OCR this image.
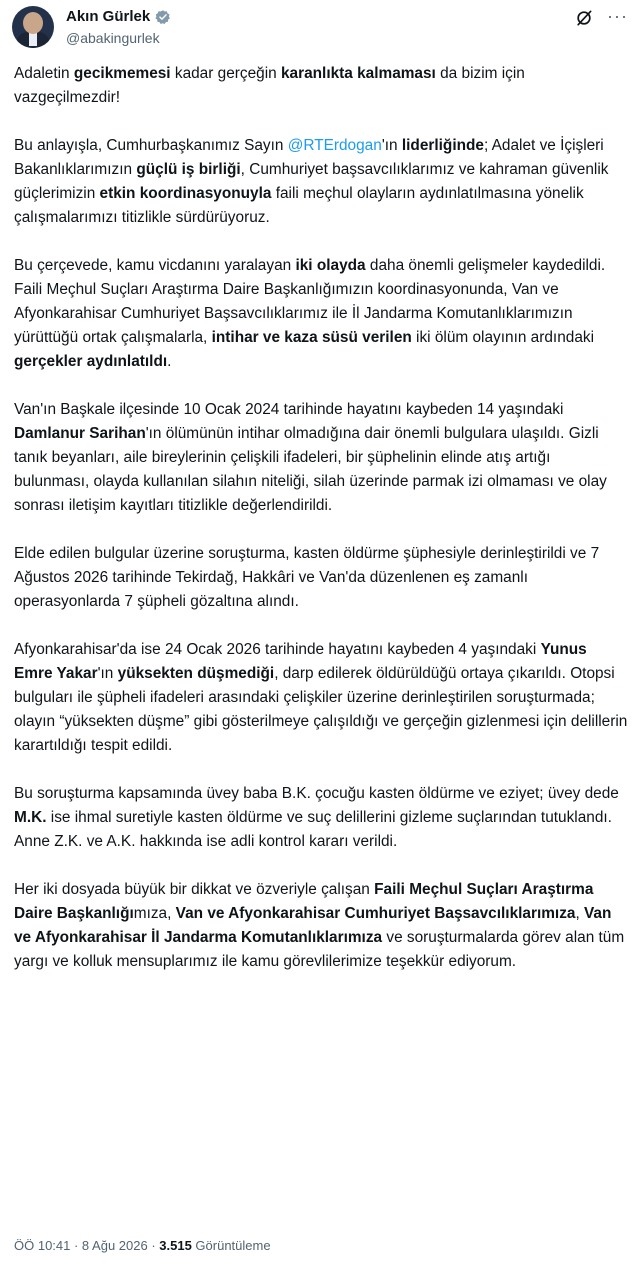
Akın Gürlek
@abakingurlek
···

Adaletin gecikmemesi kadar gerçeğin karanlıkta kalmaması da bizim için vazgeçilmezdir!

Bu anlayışla, Cumhurbaşkanımız Sayın @RTErdogan'ın liderliğinde; Adalet ve İçişleri Bakanlıklarımızın güçlü iş birliği, Cumhuriyet başsavcılıklarımız ve kahraman güvenlik güçlerimizin etkin koordinasyonuyla faili meçhul olayların aydınlatılmasına yönelik çalışmalarımızı titizlikle sürdürüyoruz.

Bu çerçevede, kamu vicdanını yaralayan iki olayda daha önemli gelişmeler kaydedildi. Faili Meçhul Suçları Araştırma Daire Başkanlığımızın koordinasyonunda, Van ve Afyonkarahisar Cumhuriyet Başsavcılıklarımız ile İl Jandarma Komutanlıklarımızın yürüttüğü ortak çalışmalarla, intihar ve kaza süsü verilen iki ölüm olayının ardındaki gerçekler aydınlatıldı.

Van'ın Başkale ilçesinde 10 Ocak 2024 tarihinde hayatını kaybeden 14 yaşındaki Damlanur Sarihan'ın ölümünün intihar olmadığına dair önemli bulgulara ulaşıldı. Gizli tanık beyanları, aile bireylerinin çelişkili ifadeleri, bir şüphelinin elinde atış artığı bulunması, olayda kullanılan silahın niteliği, silah üzerinde parmak izi olmaması ve olay sonrası iletişim kayıtları titizlikle değerlendirildi.

Elde edilen bulgular üzerine soruşturma, kasten öldürme şüphesiyle derinleştirildi ve 7 Ağustos 2026 tarihinde Tekirdağ, Hakkâri ve Van'da düzenlenen eş zamanlı operasyonlarda 7 şüpheli gözaltına alındı.

Afyonkarahisar'da ise 24 Ocak 2026 tarihinde hayatını kaybeden 4 yaşındaki Yunus Emre Yakar'ın yüksekten düşmediği, darp edilerek öldürüldüğü ortaya çıkarıldı. Otopsi bulguları ile şüpheli ifadeleri arasındaki çelişkiler üzerine derinleştirilen soruşturmada; olayın “yüksekten düşme” gibi gösterilmeye çalışıldığı ve gerçeğin gizlenmesi için delillerin karartıldığı tespit edildi.

Bu soruşturma kapsamında üvey baba B.K. çocuğu kasten öldürme ve eziyet; üvey dede M.K. ise ihmal suretiyle kasten öldürme ve suç delillerini gizleme suçlarından tutuklandı. Anne Z.K. ve A.K. hakkında ise adli kontrol kararı verildi.

Her iki dosyada büyük bir dikkat ve özveriyle çalışan Faili Meçhul Suçları Araştırma Daire Başkanlığımıza, Van ve Afyonkarahisar Cumhuriyet Başsavcılıklarımıza, Van ve Afyonkarahisar İl Jandarma Komutanlıklarımıza ve soruşturmalarda görev alan tüm yargı ve kolluk mensuplarımız ile kamu görevlilerimize teşekkür ediyorum.

ÖÖ 10:41 · 8 Ağu 2026 · 3.515 Görüntüleme
